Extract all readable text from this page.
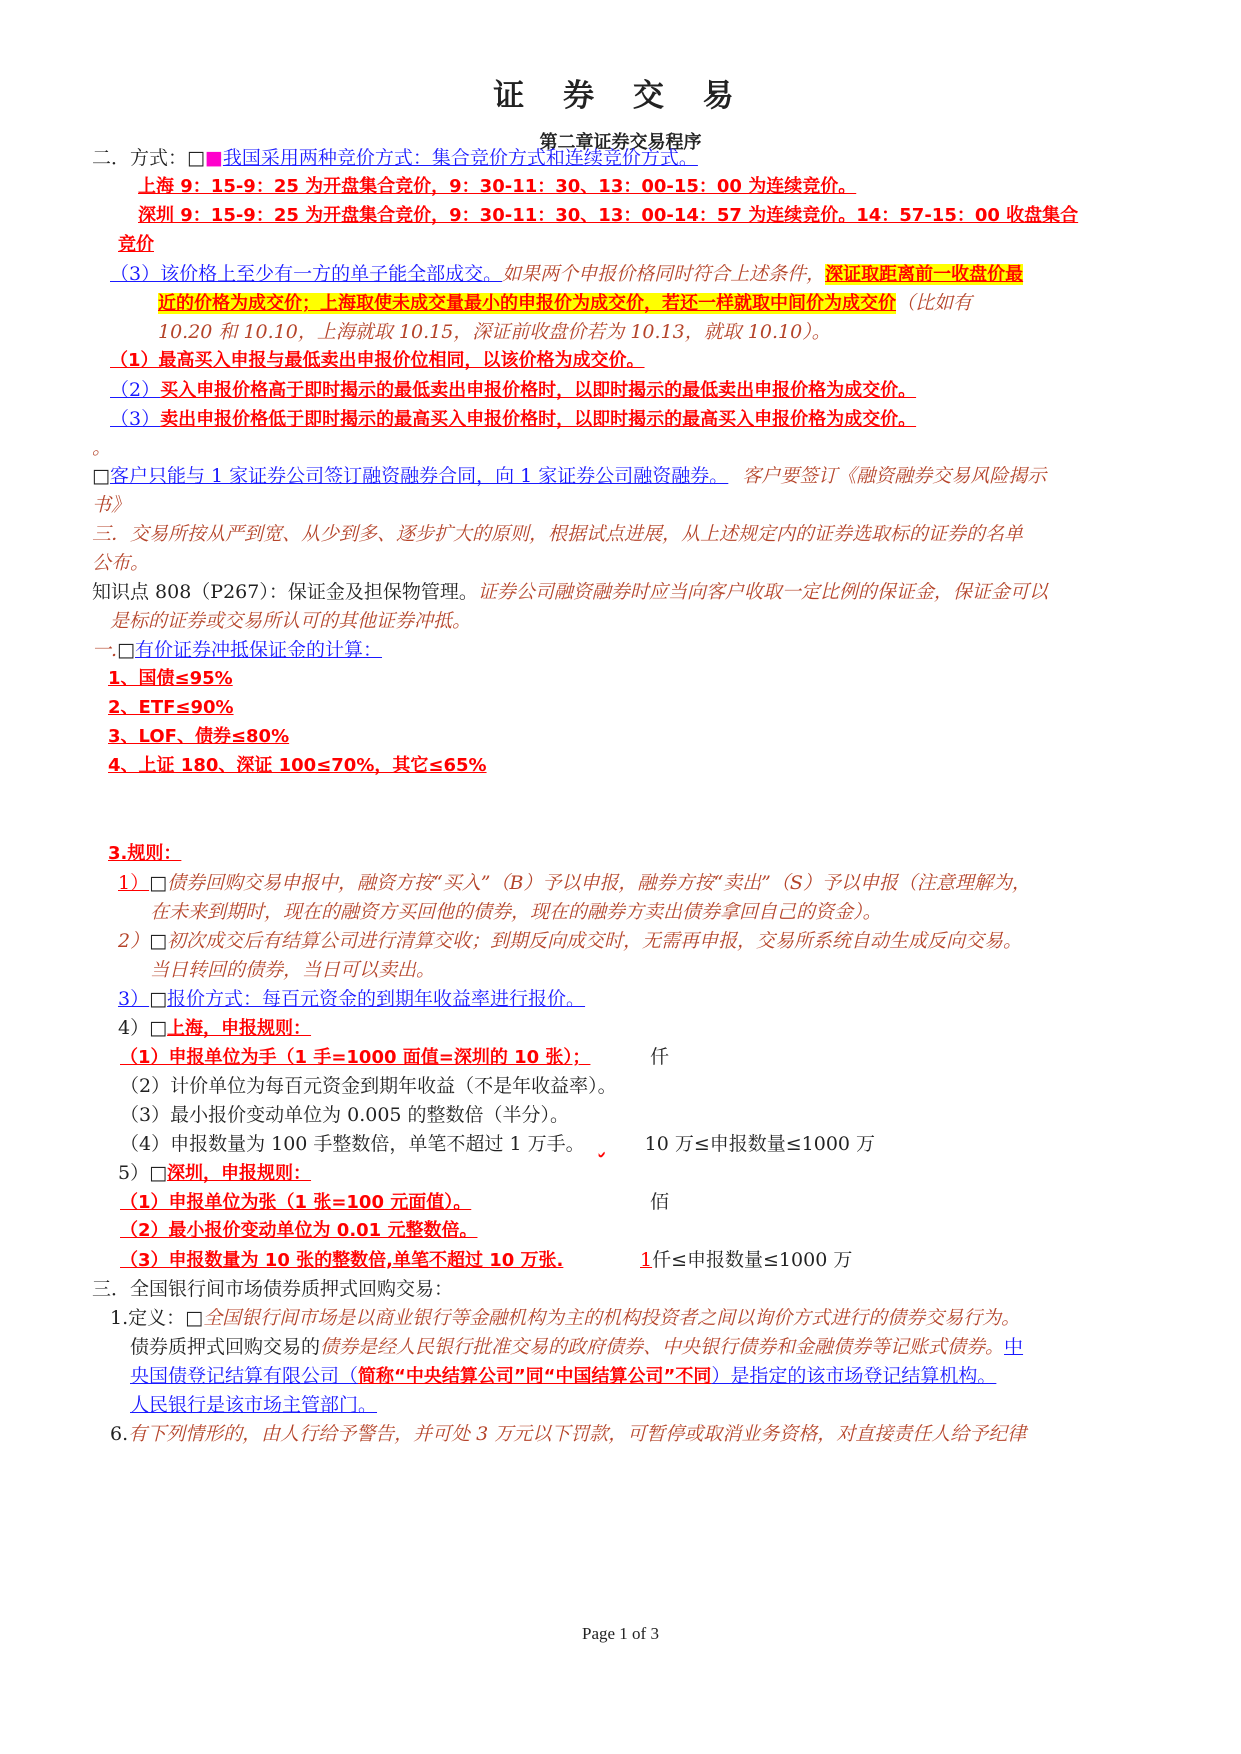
证 券 交 易
第二章证券交易程序
二．方式：□■我国采用两种竞价方式：集合竞价方式和连续竞价方式。
上海 9：15-9：25 为开盘集合竞价，9：30-11：30、13：00-15：00 为连续竞价。
深圳 9：15-9：25 为开盘集合竞价，9：30-11：30、13：00-14：57 为连续竞价。14：57-15：00 收盘集合
竞价
（3）该价格上至少有一方的单子能全部成交。如果两个申报价格同时符合上述条件，深证取距离前一收盘价最
近的价格为成交价；上海取使未成交量最小的申报价为成交价，若还一样就取中间价为成交价（比如有
10.20 和 10.10，上海就取 10.15，深证前收盘价若为 10.13，就取 10.10）。
（1）最高买入申报与最低卖出申报价位相同，以该价格为成交价。
（2）买入申报价格高于即时揭示的最低卖出申报价格时，以即时揭示的最低卖出申报价格为成交价。
（3）卖出申报价格低于即时揭示的最高买入申报价格时，以即时揭示的最高买入申报价格为成交价。
。
□客户只能与 1 家证券公司签订融资融券合同，向 1 家证券公司融资融券。 客户要签订《融资融券交易风险揭示
书》
三．交易所按从严到宽、从少到多、逐步扩大的原则，根据试点进展，从上述规定内的证券选取标的证券的名单
公布。
知识点 808（P267）：保证金及担保物管理。证券公司融资融券时应当向客户收取一定比例的保证金，保证金可以
是标的证券或交易所认可的其他证券冲抵。
一.□有价证券冲抵保证金的计算：
1、国债≤95%
2、ETF≤90%
3、LOF、债券≤80%
4、上证 180、深证 100≤70%，其它≤65%
3.规则：
1）□债券回购交易申报中，融资方按“买入”（B）予以申报，融券方按“卖出”（S）予以申报（注意理解为，
在未来到期时，现在的融资方买回他的债券，现在的融券方卖出债券拿回自己的资金）。
2）□初次成交后有结算公司进行清算交收；到期反向成交时，无需再申报，交易所系统自动生成反向交易。
当日转回的债券，当日可以卖出。
3）□报价方式：每百元资金的到期年收益率进行报价。
4）□上海，申报规则：
（1）申报单位为手（1 手=1000 面值=深圳的 10 张）；	仟
（2）计价单位为每百元资金到期年收益（不是年收益率）。
（3）最小报价变动单位为 0.005 的整数倍（半分）。
（4）申报数量为 100 手整数倍，单笔不超过 1 万手。	10 万≤申报数量≤1000 万
5）□深圳，申报规则：
（1）申报单位为张（1 张=100 元面值）。	佰
（2）最小报价变动单位为 0.01 元整数倍。
（3）申报数量为 10 张的整数倍,单笔不超过 10 万张.	1仟≤申报数量≤1000 万
三．全国银行间市场债券质押式回购交易：
1.定义：□全国银行间市场是以商业银行等金融机构为主的机构投资者之间以询价方式进行的债券交易行为。
债券质押式回购交易的债券是经人民银行批准交易的政府债券、中央银行债券和金融债券等记账式债券。中
央国债登记结算有限公司（简称“中央结算公司”同“中国结算公司”不同）是指定的该市场登记结算机构。
人民银行是该市场主管部门。
6.有下列情形的，由人行给予警告，并可处 3 万元以下罚款，可暂停或取消业务资格，对直接责任人给予纪律
Page 1 of 3
